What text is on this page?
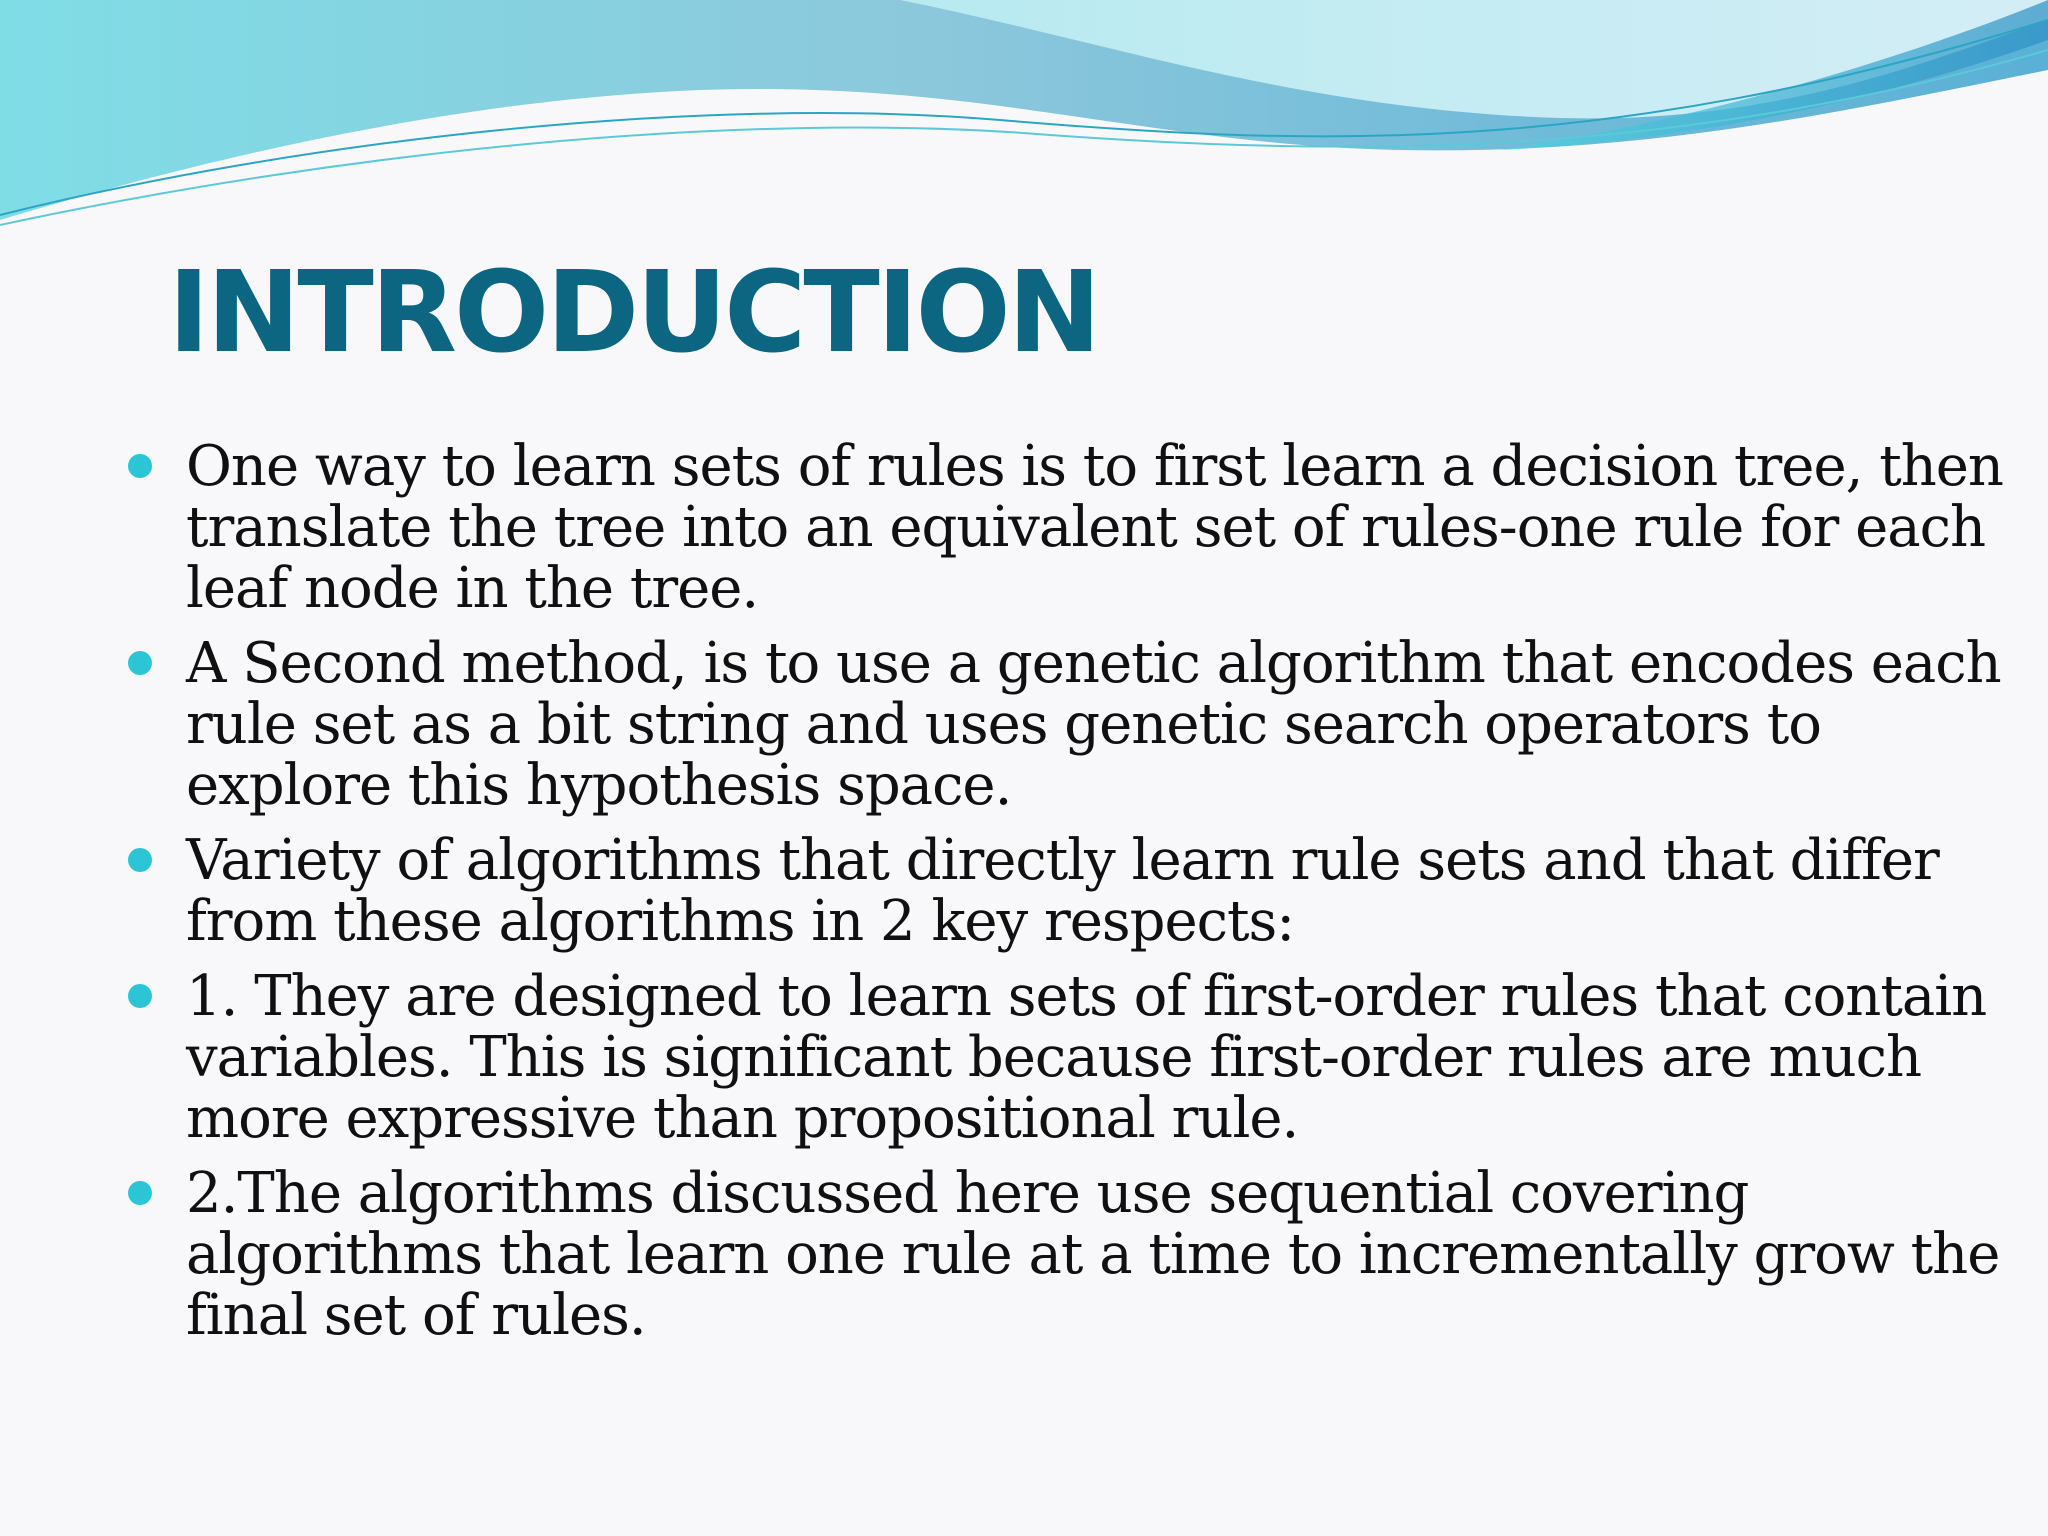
INTRODUCTION
One way to learn sets of rules is to first learn a decision tree, then translate the tree into an equivalent set of rules-one rule for each leaf node in the tree.
A Second method, is to use a genetic algorithm that encodes each rule set as a bit string and uses genetic search operators to explore this hypothesis space.
Variety of algorithms that directly learn rule sets and that differ from these algorithms in 2 key respects:
1. They are designed to learn sets of first-order rules that contain variables. This is significant because first-order rules are much more expressive than propositional rule.
2.The algorithms discussed here use sequential covering algorithms that learn one rule at a time to incrementally grow the final set of rules.
